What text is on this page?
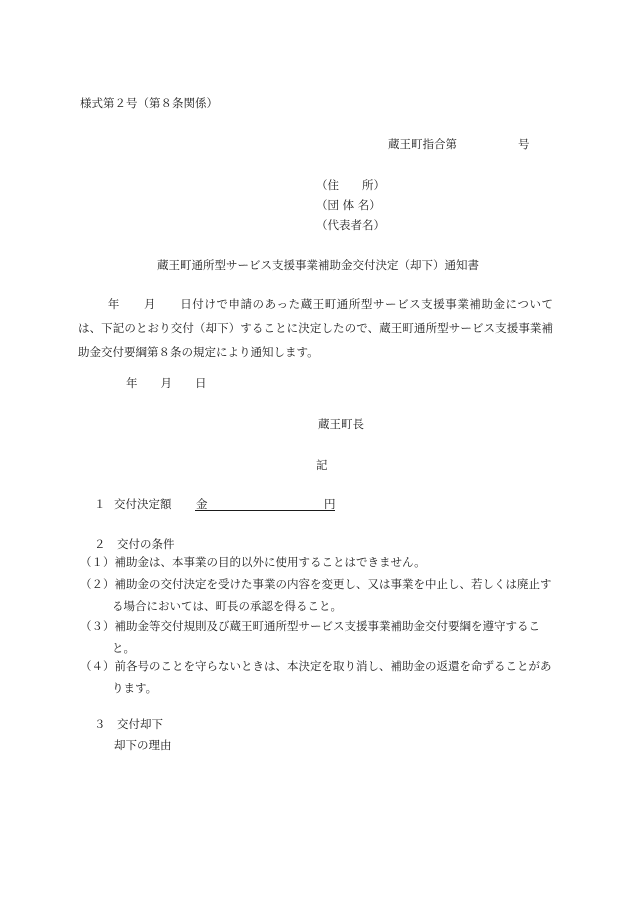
様式第２号（第８条関係）
蔵王町指合第	号
（住　　所）
（団 体 名）
（代表者名）
蔵王町通所型サービス支援事業補助金交付決定（却下）通知書
年　　月　　日付けで申請のあった蔵王町通所型サービス支援事業補助金については、下記のとおり交付（却下）することに決定したので、蔵王町通所型サービス支援事業補助金交付要綱第８条の規定により通知します。
年　　月　　日
蔵王町長
記
１ 交付決定額 金	円
２　交付の条件
（１）補助金は、本事業の目的以外に使用することはできません。
（２）補助金の交付決定を受けた事業の内容を変更し、又は事業を中止し、若しくは廃止する場合においては、町長の承認を得ること。
（３）補助金等交付規則及び蔵王町通所型サービス支援事業補助金交付要綱を遵守すること。
（４）前各号のことを守らないときは、本決定を取り消し、補助金の返還を命ずることがあります。
３　交付却下
却下の理由
